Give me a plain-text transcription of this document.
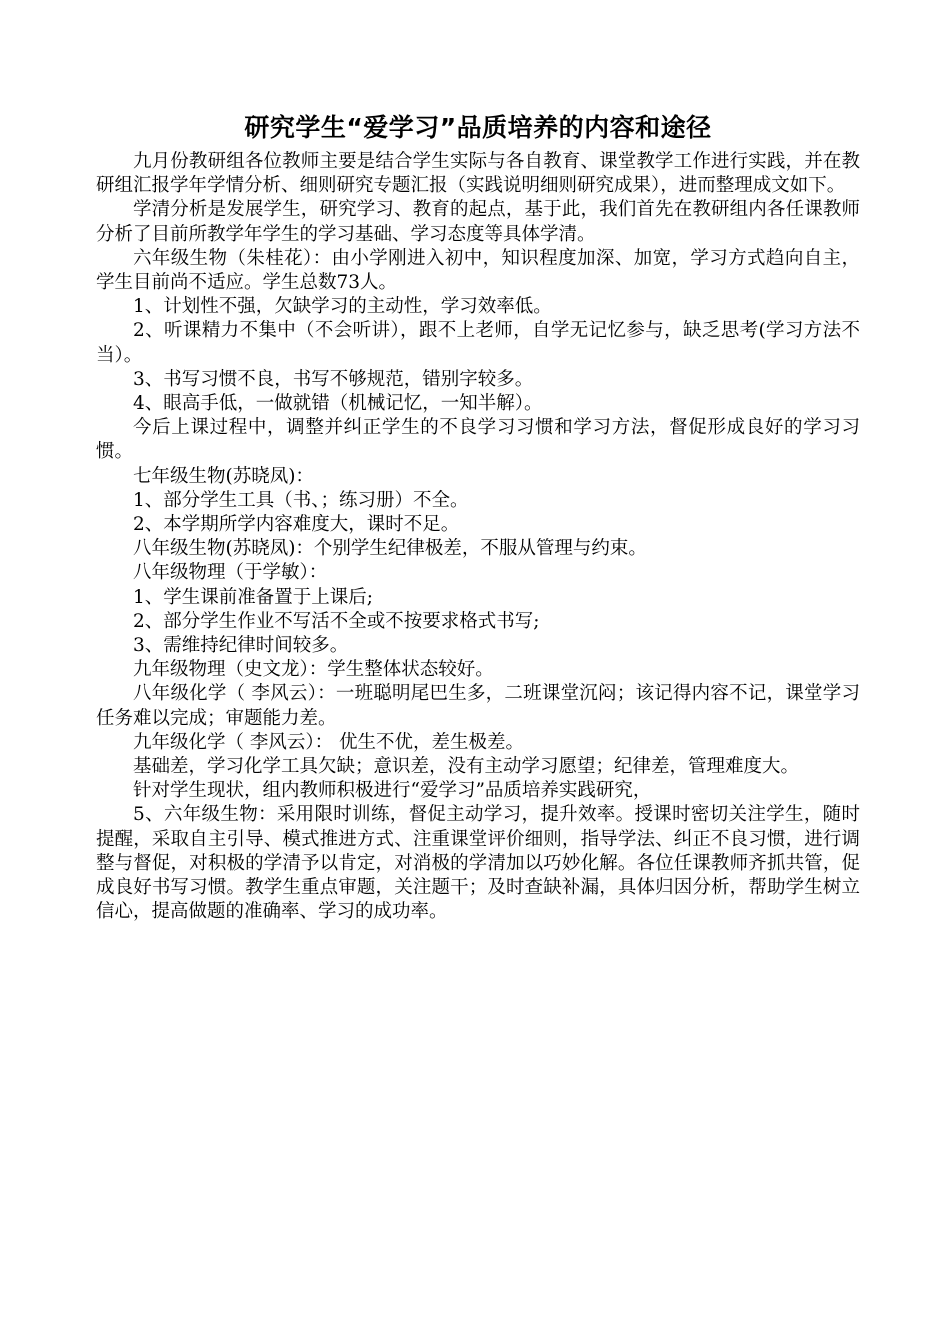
研究学生“爱学习”品质培养的内容和途径

九月份教研组各位教师主要是结合学生实际与各自教育、课堂教学工作进行实践，并在教研组汇报学年学情分析、细则研究专题汇报（实践说明细则研究成果），进而整理成文如下。

学清分析是发展学生，研究学习、教育的起点，基于此，我们首先在教研组内各任课教师分析了目前所教学年学生的学习基础、学习态度等具体学清。

六年级生物（朱桂花）：由小学刚进入初中，知识程度加深、加宽，学习方式趋向自主，学生目前尚不适应。学生总数73人。

1、计划性不强，欠缺学习的主动性，学习效率低。

2、听课精力不集中（不会听讲），跟不上老师，自学无记忆参与，缺乏思考(学习方法不当）。

3、书写习惯不良，书写不够规范，错别字较多。

4、眼高手低，一做就错（机械记忆，一知半解）。

今后上课过程中，调整并纠正学生的不良学习习惯和学习方法，督促形成良好的学习习惯。

七年级生物(苏晓凤)：

1、部分学生工具（书、；练习册）不全。

2、本学期所学内容难度大，课时不足。

八年级生物(苏晓凤)：个别学生纪律极差，不服从管理与约束。

八年级物理（于学敏）：

1、学生课前准备置于上课后;

2、部分学生作业不写活不全或不按要求格式书写;

3、需维持纪律时间较多。

九年级物理（史文龙）：学生整体状态较好。

八年级化学（ 李风云）：一班聪明尾巴生多，二班课堂沉闷；该记得内容不记，课堂学习任务难以完成；审题能力差。

九年级化学（ 李风云）： 优生不优，差生极差。

基础差，学习化学工具欠缺；意识差，没有主动学习愿望；纪律差，管理难度大。

针对学生现状，组内教师积极进行“爱学习”品质培养实践研究，

5、六年级生物：采用限时训练，督促主动学习，提升效率。授课时密切关注学生，随时提醒，采取自主引导、模式推进方式、注重课堂评价细则，指导学法、纠正不良习惯，进行调整与督促，对积极的学清予以肯定，对消极的学清加以巧妙化解。各位任课教师齐抓共管，促成良好书写习惯。教学生重点审题，关注题干；及时查缺补漏，具体归因分析，帮助学生树立信心，提高做题的准确率、学习的成功率。
